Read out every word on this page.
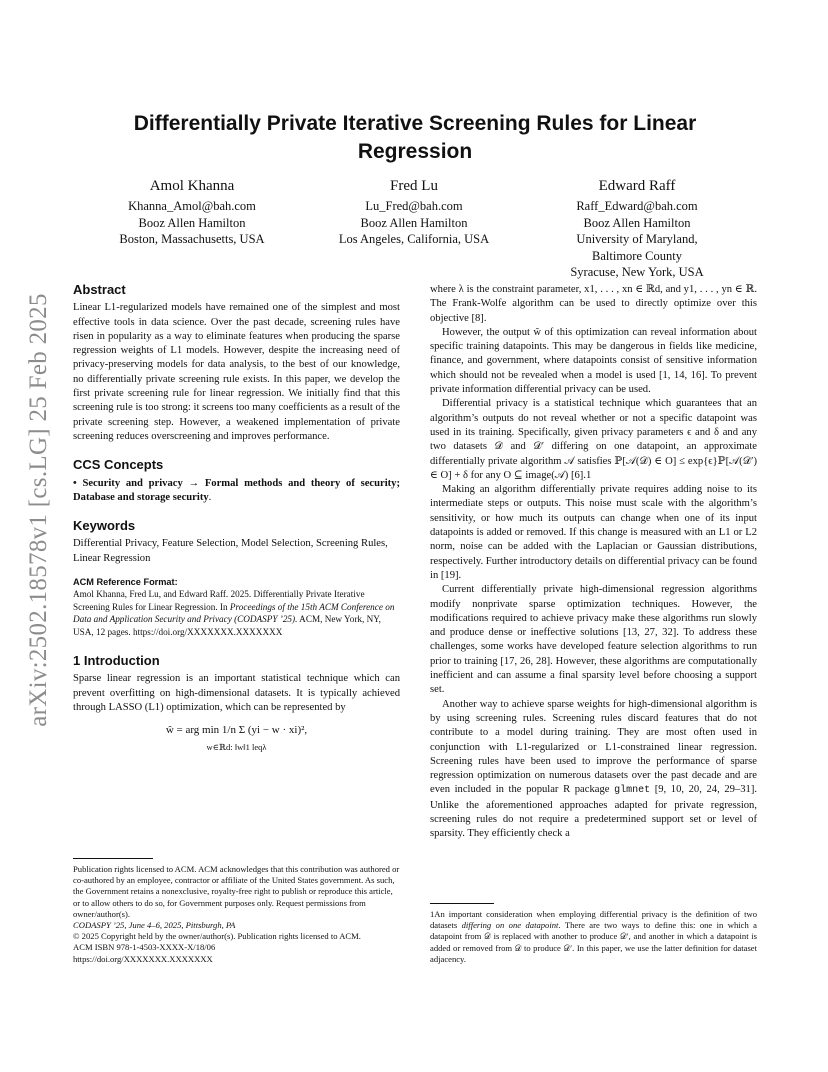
arXiv:2502.18578v1 [cs.LG] 25 Feb 2025
Differentially Private Iterative Screening Rules for Linear Regression
Amol Khanna
Khanna_Amol@bah.com
Booz Allen Hamilton
Boston, Massachusetts, USA
Fred Lu
Lu_Fred@bah.com
Booz Allen Hamilton
Los Angeles, California, USA
Edward Raff
Raff_Edward@bah.com
Booz Allen Hamilton
University of Maryland,
Baltimore County
Syracuse, New York, USA
Abstract

Linear L1-regularized models have remained one of the simplest and most effective tools in data science. Over the past decade, screening rules have risen in popularity as a way to eliminate features when producing the sparse regression weights of L1 models. However, despite the increasing need of privacy-preserving models for data analysis, to the best of our knowledge, no differentially private screening rule exists. In this paper, we develop the first private screening rule for linear regression. We initially find that this screening rule is too strong: it screens too many coefficients as a result of the private screening step. However, a weakened implementation of private screening reduces overscreening and improves performance.

CCS Concepts

• Security and privacy → Formal methods and theory of security; Database and storage security.

Keywords

Differential Privacy, Feature Selection, Model Selection, Screening Rules, Linear Regression

ACM Reference Format:

Amol Khanna, Fred Lu, and Edward Raff. 2025. Differentially Private Iterative Screening Rules for Linear Regression. In Proceedings of the 15th ACM Conference on Data and Application Security and Privacy (CODASPY ’25). ACM, New York, NY, USA, 12 pages. https://doi.org/XXXXXXX.XXXXXXX

1 Introduction

Sparse linear regression is an important statistical technique which can prevent overfitting on high-dimensional datasets. It is typically achieved through LASSO (L1) optimization, which can be represented by

ŵ = arg min 1/n Σ (yi − w · xi)²,
w∈ℝd: ‖w‖1 leqλ

Publication rights licensed to ACM. ACM acknowledges that this contribution was authored or co-authored by an employee, contractor or affiliate of the United States government. As such, the Government retains a nonexclusive, royalty-free right to publish or reproduce this article, or to allow others to do so, for Government purposes only. Request permissions from owner/author(s).

CODASPY ’25, June 4–6, 2025, Pittsburgh, PA

© 2025 Copyright held by the owner/author(s). Publication rights licensed to ACM.

ACM ISBN 978-1-4503-XXXX-X/18/06

https://doi.org/XXXXXXX.XXXXXXX

where λ is the constraint parameter, x1, . . . , xn ∈ ℝd, and y1, . . . , yn ∈ ℝ. The Frank-Wolfe algorithm can be used to directly optimize over this objective [8].

However, the output ŵ of this optimization can reveal information about specific training datapoints. This may be dangerous in fields like medicine, finance, and government, where datapoints consist of sensitive information which should not be revealed when a model is used [1, 14, 16]. To prevent private information differential privacy can be used.

Differential privacy is a statistical technique which guarantees that an algorithm’s outputs do not reveal whether or not a specific datapoint was used in its training. Specifically, given privacy parameters ϵ and δ and any two datasets 𝒟 and 𝒟′ differing on one datapoint, an approximate differentially private algorithm 𝒜 satisfies ℙ[𝒜(𝒟) ∈ O] ≤ exp{ϵ}ℙ[𝒜(𝒟′) ∈ O] + δ for any O ⊆ image(𝒜) [6].1

Making an algorithm differentially private requires adding noise to its intermediate steps or outputs. This noise must scale with the algorithm’s sensitivity, or how much its outputs can change when one of its input datapoints is added or removed. If this change is measured with an L1 or L2 norm, noise can be added with the Laplacian or Gaussian distributions, respectively. Further introductory details on differential privacy can be found in [19].

Current differentially private high-dimensional regression algorithms modify nonprivate sparse optimization techniques. However, the modifications required to achieve privacy make these algorithms run slowly and produce dense or ineffective solutions [13, 27, 32]. To address these challenges, some works have developed feature selection algorithms to run prior to training [17, 26, 28]. However, these algorithms are computationally inefficient and can assume a final sparsity level before choosing a support set.

Another way to achieve sparse weights for high-dimensional algorithm is by using screening rules. Screening rules discard features that do not contribute to a model during training. They are most often used in conjunction with L1-regularized or L1-constrained linear regression. Screening rules have been used to improve the performance of sparse regression optimization on numerous datasets over the past decade and are even included in the popular R package glmnet [9, 10, 20, 24, 29–31]. Unlike the aforementioned approaches adapted for private regression, screening rules do not require a predetermined support set or level of sparsity. They efficiently check a

1An important consideration when employing differential privacy is the definition of two datasets differing on one datapoint. There are two ways to define this: one in which a datapoint from 𝒟 is replaced with another to produce 𝒟′, and another in which a datapoint is added or removed from 𝒟 to produce 𝒟′. In this paper, we use the latter definition for dataset adjacency.
